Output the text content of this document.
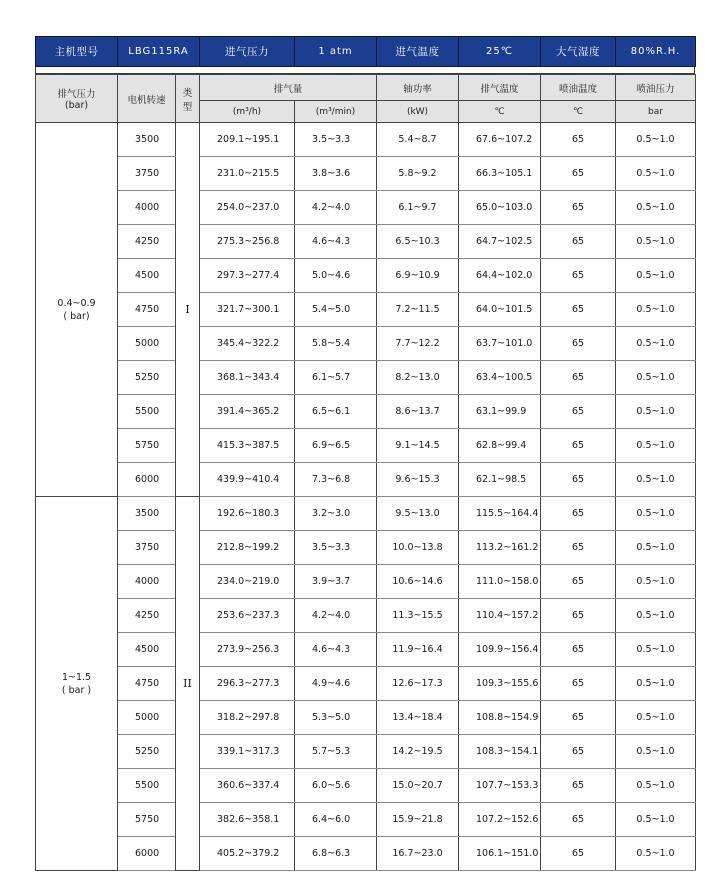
主机型号	LBG115RA	进气压力	1 atm	进气温度	25℃	大气湿度	80%R.H.
排气压力
(bar)	电机转速	类
型	排气量		轴功率	排气温度	喷油温度	喷油压力
			(m³/h)	(m³/min)	(kW)	℃	℃	bar

0.4~0.9
( bar)	3500	I	209.1~195.1	3.5~3.3	5.4~8.7	67.6~107.2	65	0.5~1.0
	3750		231.0~215.5	3.8~3.6	5.8~9.2	66.3~105.1	65	0.5~1.0
	4000		254.0~237.0	4.2~4.0	6.1~9.7	65.0~103.0	65	0.5~1.0
	4250		275.3~256.8	4.6~4.3	6.5~10.3	64.7~102.5	65	0.5~1.0
	4500		297.3~277.4	5.0~4.6	6.9~10.9	64.4~102.0	65	0.5~1.0
	4750		321.7~300.1	5.4~5.0	7.2~11.5	64.0~101.5	65	0.5~1.0
	5000		345.4~322.2	5.8~5.4	7.7~12.2	63.7~101.0	65	0.5~1.0
	5250		368.1~343.4	6.1~5.7	8.2~13.0	63.4~100.5	65	0.5~1.0
	5500		391.4~365.2	6.5~6.1	8.6~13.7	63.1~99.9	65	0.5~1.0
	5750		415.3~387.5	6.9~6.5	9.1~14.5	62.8~99.4	65	0.5~1.0
	6000		439.9~410.4	7.3~6.8	9.6~15.3	62.1~98.5	65	0.5~1.0

1~1.5
( bar )	3500	II	192.6~180.3	3.2~3.0	9.5~13.0	115.5~164.4	65	0.5~1.0
	3750		212.8~199.2	3.5~3.3	10.0~13.8	113.2~161.2	65	0.5~1.0
	4000		234.0~219.0	3.9~3.7	10.6~14.6	111.0~158.0	65	0.5~1.0
	4250		253.6~237.3	4.2~4.0	11.3~15.5	110.4~157.2	65	0.5~1.0
	4500		273.9~256.3	4.6~4.3	11.9~16.4	109.9~156.4	65	0.5~1.0
	4750		296.3~277.3	4.9~4.6	12.6~17.3	109.3~155.6	65	0.5~1.0
	5000		318.2~297.8	5.3~5.0	13.4~18.4	108.8~154.9	65	0.5~1.0
	5250		339.1~317.3	5.7~5.3	14.2~19.5	108.3~154.1	65	0.5~1.0
	5500		360.6~337.4	6.0~5.6	15.0~20.7	107.7~153.3	65	0.5~1.0
	5750		382.6~358.1	6.4~6.0	15.9~21.8	107.2~152.6	65	0.5~1.0
	6000		405.2~379.2	6.8~6.3	16.7~23.0	106.1~151.0	65	0.5~1.0
